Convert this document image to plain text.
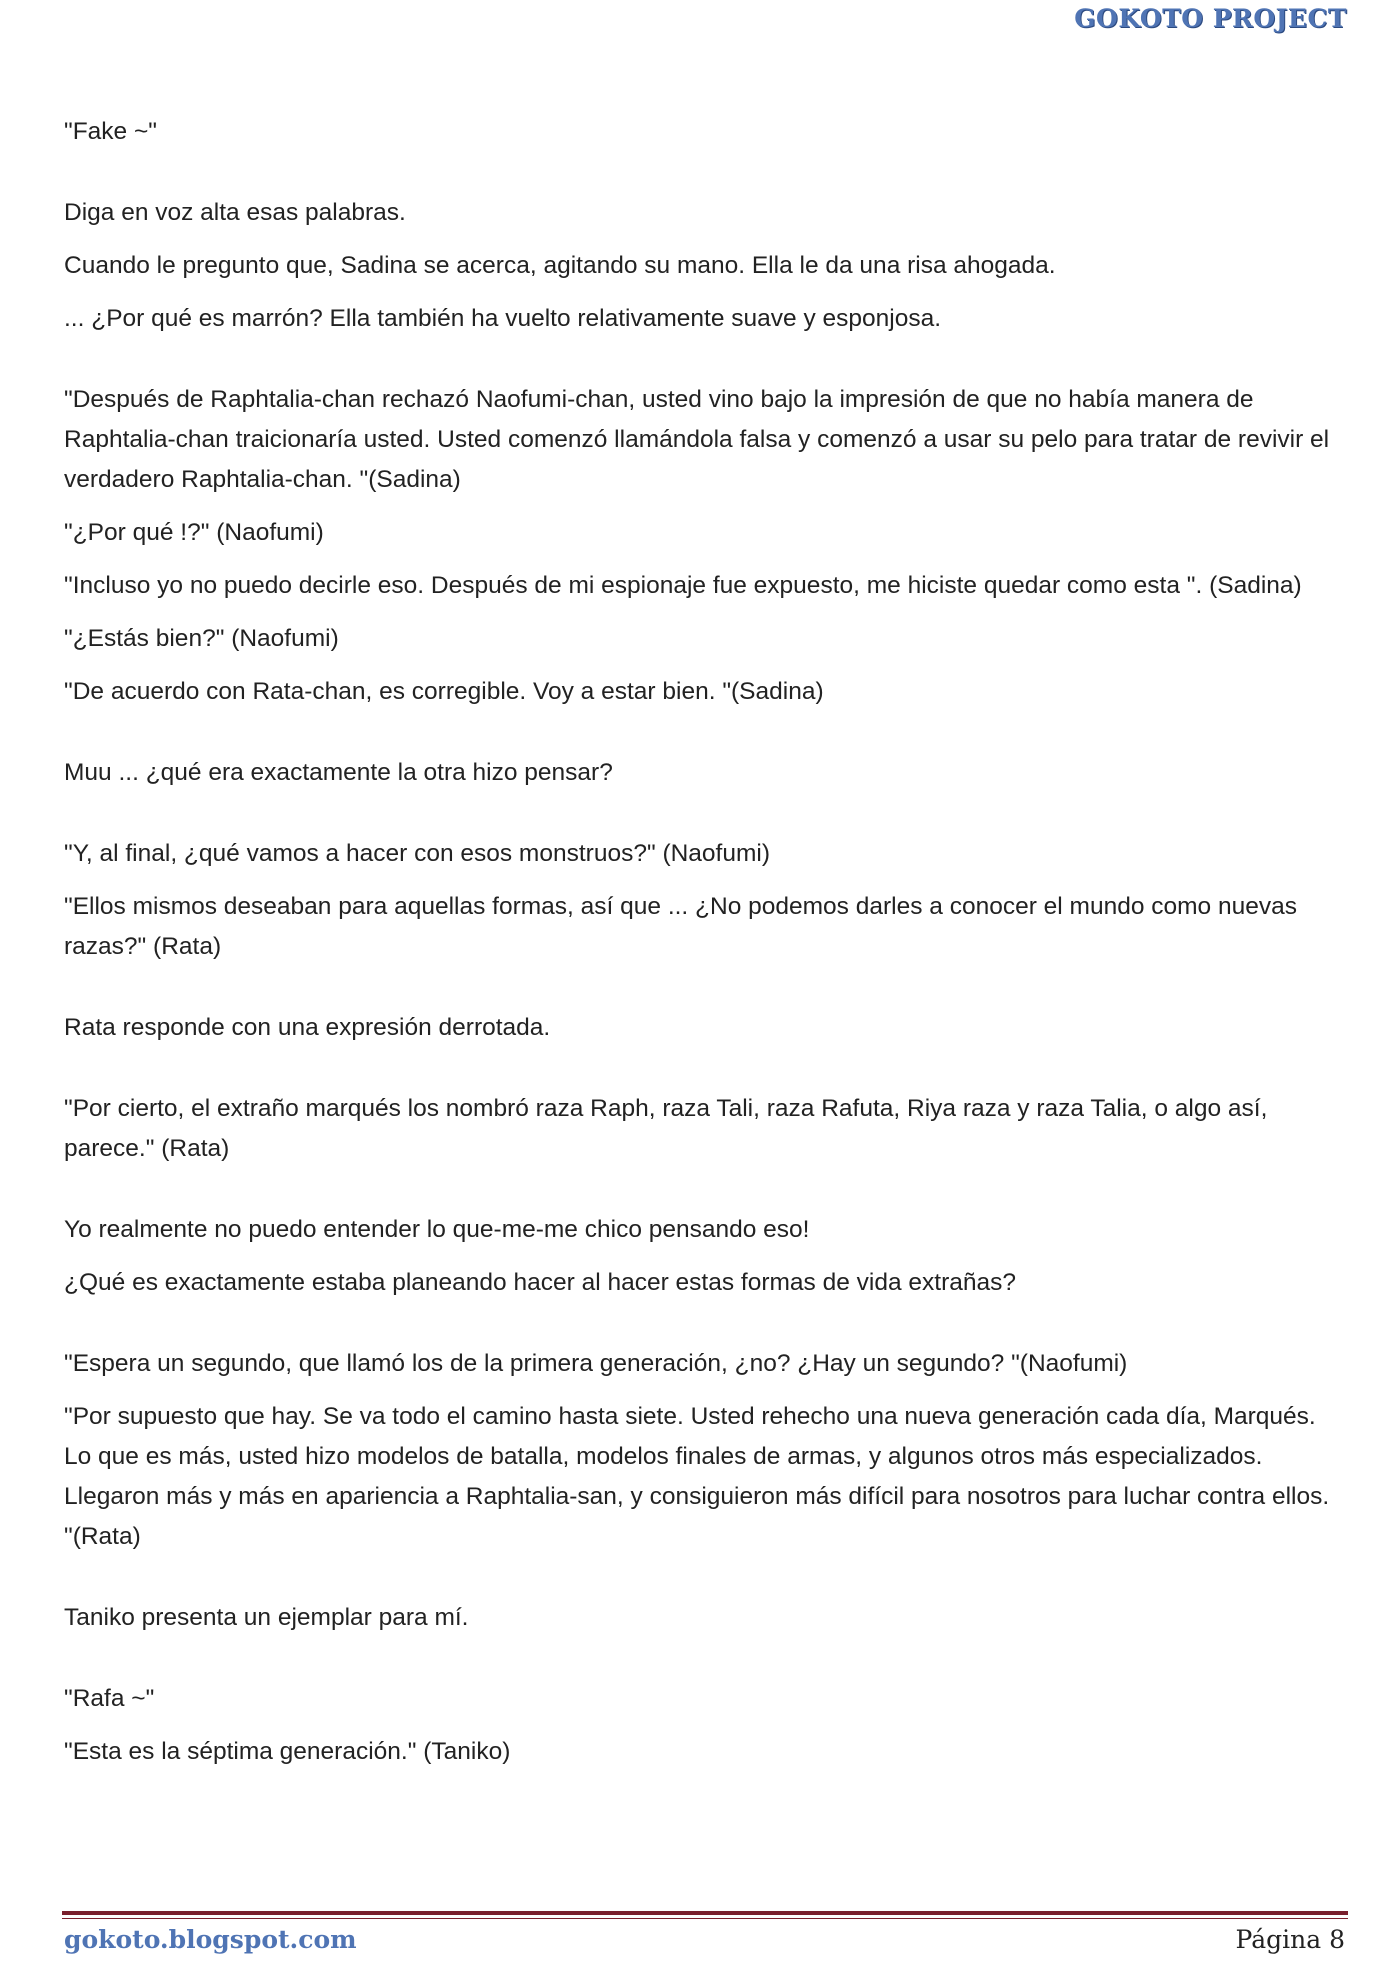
GOKOTO PROJECT

"Fake ~"

Diga en voz alta esas palabras.

Cuando le pregunto que, Sadina se acerca, agitando su mano. Ella le da una risa ahogada.

... ¿Por qué es marrón? Ella también ha vuelto relativamente suave y esponjosa.

"Después de Raphtalia-chan rechazó Naofumi-chan, usted vino bajo la impresión de que no había manera de Raphtalia-chan traicionaría usted. Usted comenzó llamándola falsa y comenzó a usar su pelo para tratar de revivir el verdadero Raphtalia-chan. "(Sadina)

"¿Por qué !?" (Naofumi)

"Incluso yo no puedo decirle eso. Después de mi espionaje fue expuesto, me hiciste quedar como esta ". (Sadina)

"¿Estás bien?" (Naofumi)

"De acuerdo con Rata-chan, es corregible. Voy a estar bien. "(Sadina)

Muu ... ¿qué era exactamente la otra hizo pensar?

"Y, al final, ¿qué vamos a hacer con esos monstruos?" (Naofumi)

"Ellos mismos deseaban para aquellas formas, así que ... ¿No podemos darles a conocer el mundo como nuevas razas?" (Rata)

Rata responde con una expresión derrotada.

"Por cierto, el extraño marqués los nombró raza Raph, raza Tali, raza Rafuta, Riya raza y raza Talia, o algo así, parece." (Rata)

Yo realmente no puedo entender lo que-me-me chico pensando eso!

¿Qué es exactamente estaba planeando hacer al hacer estas formas de vida extrañas?

"Espera un segundo, que llamó los de la primera generación, ¿no? ¿Hay un segundo? "(Naofumi)

"Por supuesto que hay. Se va todo el camino hasta siete. Usted rehecho una nueva generación cada día, Marqués. Lo que es más, usted hizo modelos de batalla, modelos finales de armas, y algunos otros más especializados. Llegaron más y más en apariencia a Raphtalia-san, y consiguieron más difícil para nosotros para luchar contra ellos. "(Rata)

Taniko presenta un ejemplar para mí.

"Rafa ~"

"Esta es la séptima generación." (Taniko)

gokoto.blogspot.com	Página 8
